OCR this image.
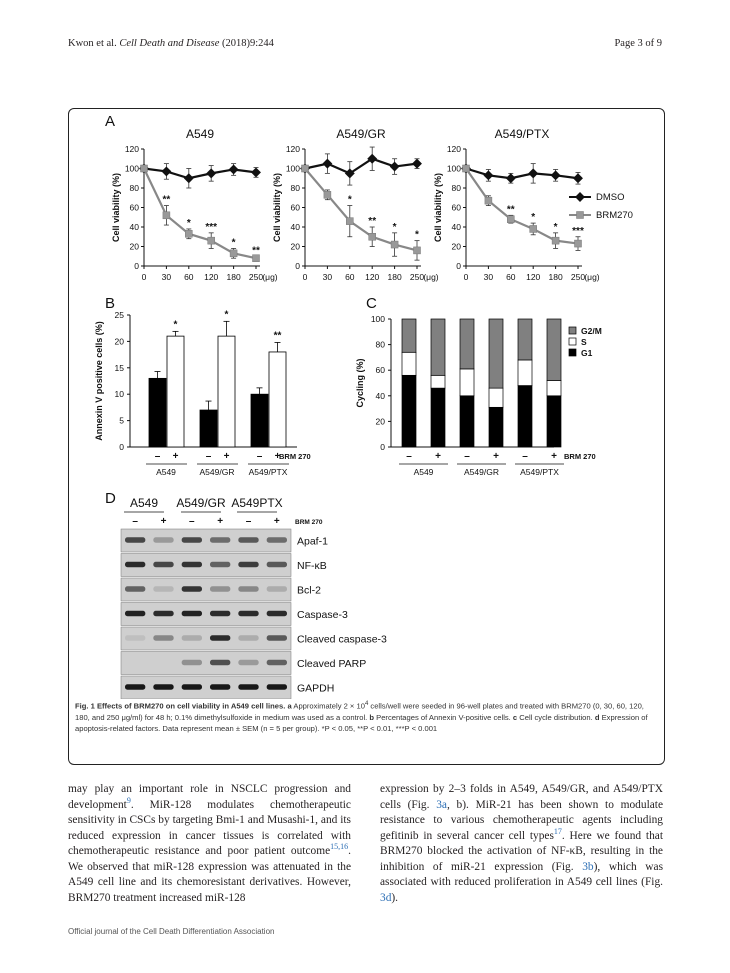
Kwon et al. Cell Death and Disease (2018)9:244	Page 3 of 9
A
A549
0
20
40
60
80
100
120
0 30 60 120 180 250 (μg)
Cell viability (%)	**
* ***
*
**
A549/GR
0
20
40
60
80
100
120
0 30 60 120 180 250 (μg)
Cell viability (%)	*
**
*
*
A549/PTX
0
20
40
60
80
100
120
0 30 60 120 180 250 (μg)
Cell viability (%)	**
*
* ***
DMSO
BRM270
B
0
5
10
15
20
25
Annexin V positive cells (%)
–
*
+
A549
–
*
+
A549/GR
–
**
+
A549/PTX
BRM 270
C
0
20
40
60
80
100
Cycling (%)
– + – + – +
A549	A549/GR A549/PTX
BRM 270
G2/M
S
G1
D A549 A549/GR A549PTX
– + – + – + BRM 270
Apaf-1
NF-κB
Bcl-2
Caspase-3
Cleaved caspase-3
Cleaved PARP
GAPDH
Fig. 1 Effects of BRM270 on cell viability in A549 cell lines. a Approximately $2 \times 10^4$ cells/well were seeded in 96-well plates and treated with BRM270 (0, 30, 60, 120, 180, and 250 μg/ml) for 48 h; 0.1% dimethylsulfoxide in medium was used as a control. b Percentages of Annexin V-positive cells. c Cell cycle distribution. d Expression of apoptosis-related factors. Data represent mean ± SEM (n = 5 per group). *P < 0.05, **P < 0.01, ***P < 0.001

may play an important role in NSCLC progression and development$^9$. MiR-128 modulates chemotherapeutic sensitivity in CSCs by targeting Bmi-1 and Musashi-1, and its reduced expression in cancer tissues is correlated with chemotherapeutic resistance and poor patient outcome$^{15,16}$. We observed that miR-128 expression was attenuated in the A549 cell line and its chemoresistant derivatives. However, BRM270 treatment increased miR-128

expression by 2–3 folds in A549, A549/GR, and A549/PTX cells (Fig. 3a, b). MiR-21 has been shown to modulate resistance to various chemotherapeutic agents including gefitinib in several cancer cell types$^{17}$. Here we found that BRM270 blocked the activation of NF-κB, resulting in the inhibition of miR-21 expression (Fig. 3b), which was associated with reduced proliferation in A549 cell lines (Fig. 3d).

Official journal of the Cell Death Differentiation Association
